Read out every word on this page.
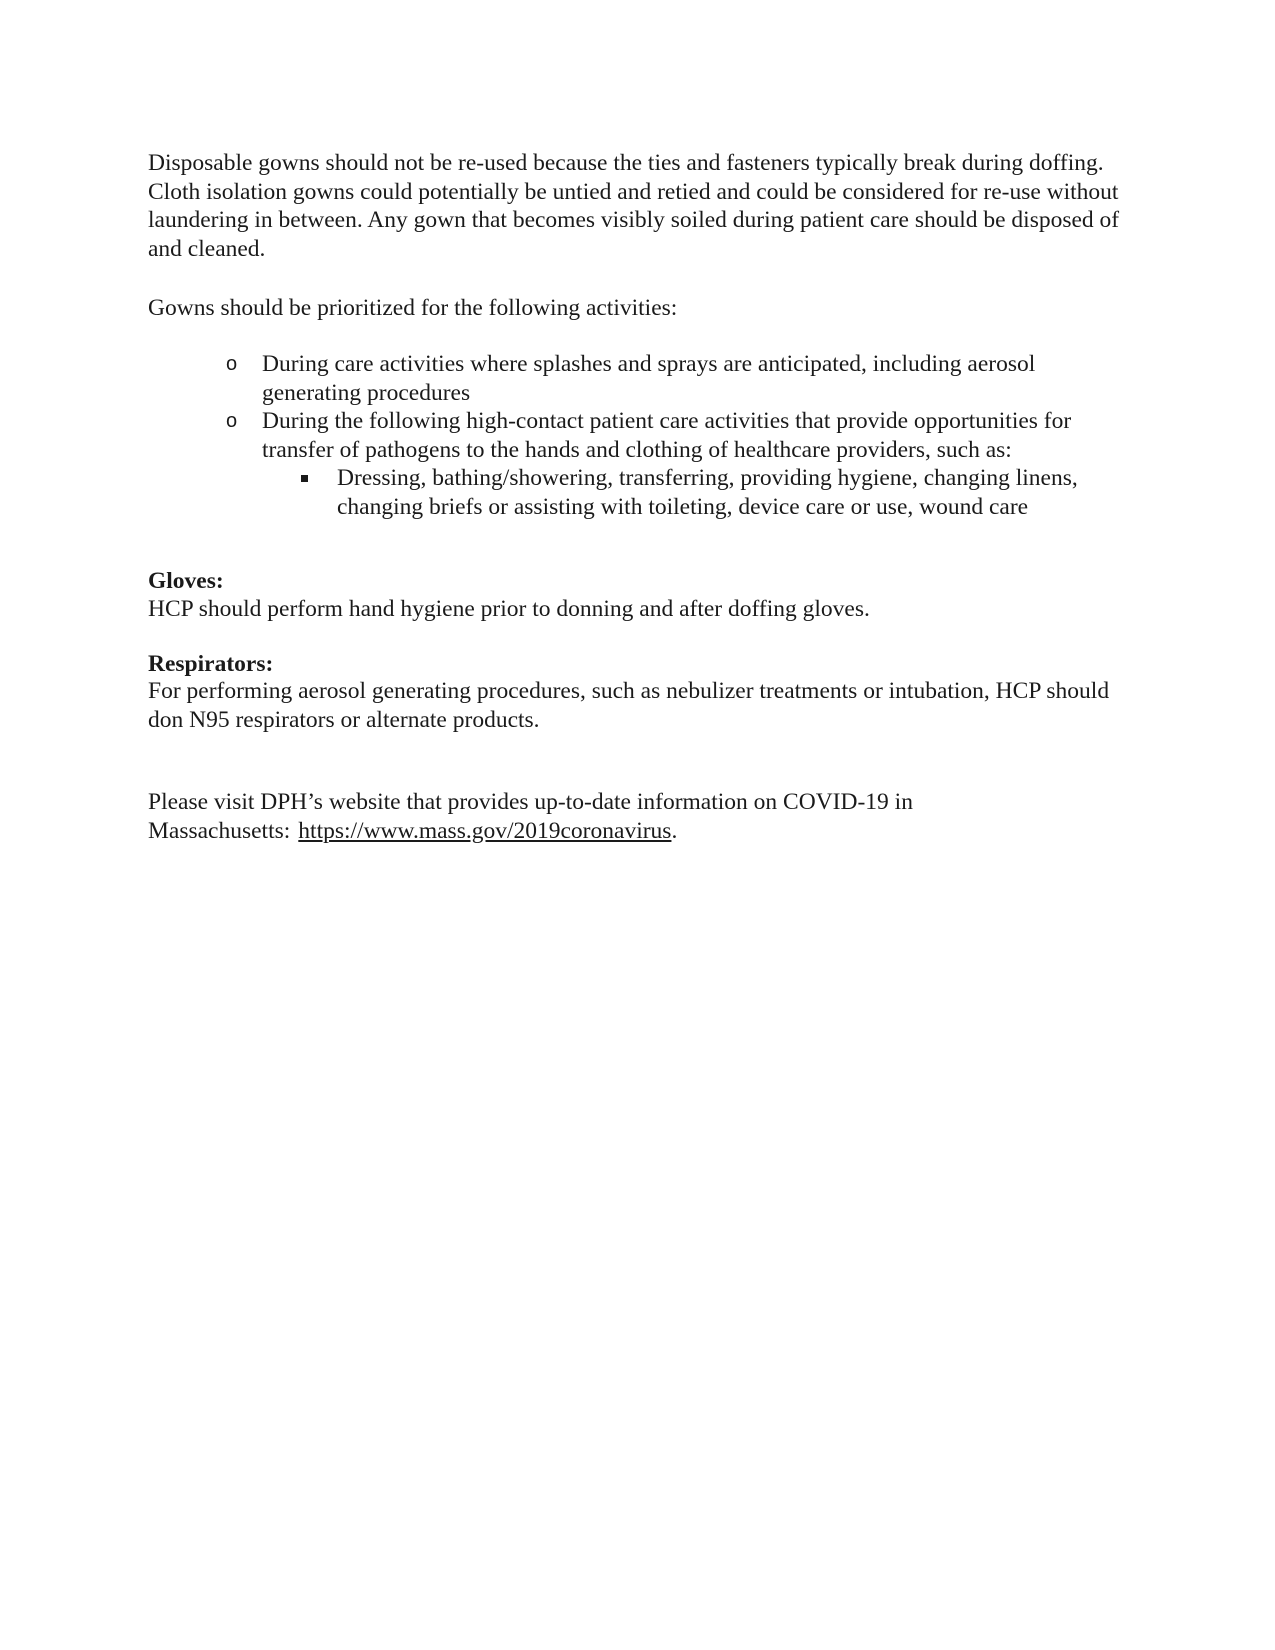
Disposable gowns should not be re-used because the ties and fasteners typically break during doffing. Cloth isolation gowns could potentially be untied and retied and could be considered for re-use without laundering in between. Any gown that becomes visibly soiled during patient care should be disposed of and cleaned.

Gowns should be prioritized for the following activities:

o During care activities where splashes and sprays are anticipated, including aerosol generating procedures
o During the following high-contact patient care activities that provide opportunities for transfer of pathogens to the hands and clothing of healthcare providers, such as:
Dressing, bathing/showering, transferring, providing hygiene, changing linens, changing briefs or assisting with toileting, device care or use, wound care

Gloves:

HCP should perform hand hygiene prior to donning and after doffing gloves.

Respirators:

For performing aerosol generating procedures, such as nebulizer treatments or intubation, HCP should don N95 respirators or alternate products.

Please visit DPH’s website that provides up-to-date information on COVID-19 in Massachusetts: https://www.mass.gov/2019coronavirus.
